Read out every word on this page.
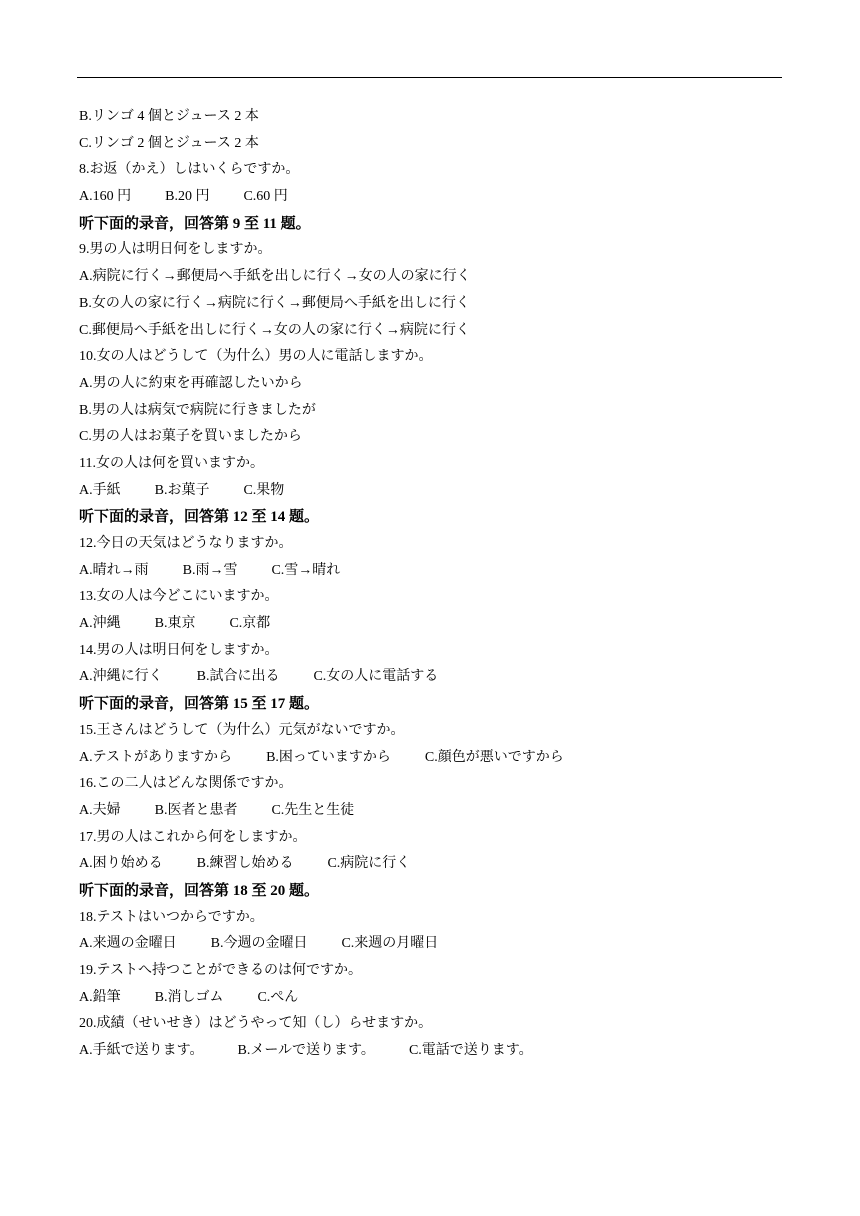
B.リンゴ 4 個とジュース 2 本
C.リンゴ 2 個とジュース 2 本
8.お返（かえ）しはいくらですか。
A.160 円 B.20 円 C.60 円
听下面的录音，回答第 9 至 11 题。
9.男の人は明日何をしますか。
A.病院に行く→郵便局へ手紙を出しに行く→女の人の家に行く
B.女の人の家に行く→病院に行く→郵便局へ手紙を出しに行く
C.郵便局へ手紙を出しに行く→女の人の家に行く→病院に行く
10.女の人はどうして（为什么）男の人に電話しますか。
A.男の人に約束を再確認したいから
B.男の人は病気で病院に行きましたが
C.男の人はお菓子を買いましたから
11.女の人は何を買いますか。
A.手紙 B.お菓子 C.果物
听下面的录音，回答第 12 至 14 题。
12.今日の天気はどうなりますか。
A.晴れ→雨 B.雨→雪 C.雪→晴れ
13.女の人は今どこにいますか。
A.沖縄 B.東京 C.京都
14.男の人は明日何をしますか。
A.沖縄に行く B.試合に出る C.女の人に電話する
听下面的录音，回答第 15 至 17 题。
15.王さんはどうして（为什么）元気がないですか。
A.テストがありますから B.困っていますから C.顔色が悪いですから
16.この二人はどんな関係ですか。
A.夫婦 B.医者と患者 C.先生と生徒
17.男の人はこれから何をしますか。
A.困り始める B.練習し始める C.病院に行く
听下面的录音，回答第 18 至 20 题。
18.テストはいつからですか。
A.来週の金曜日 B.今週の金曜日 C.来週の月曜日
19.テストへ持つことができるのは何ですか。
A.鉛筆 B.消しゴム C.ぺん
20.成績（せいせき）はどうやって知（し）らせますか。
A.手紙で送ります。 B.メールで送ります。 C.電話で送ります。
